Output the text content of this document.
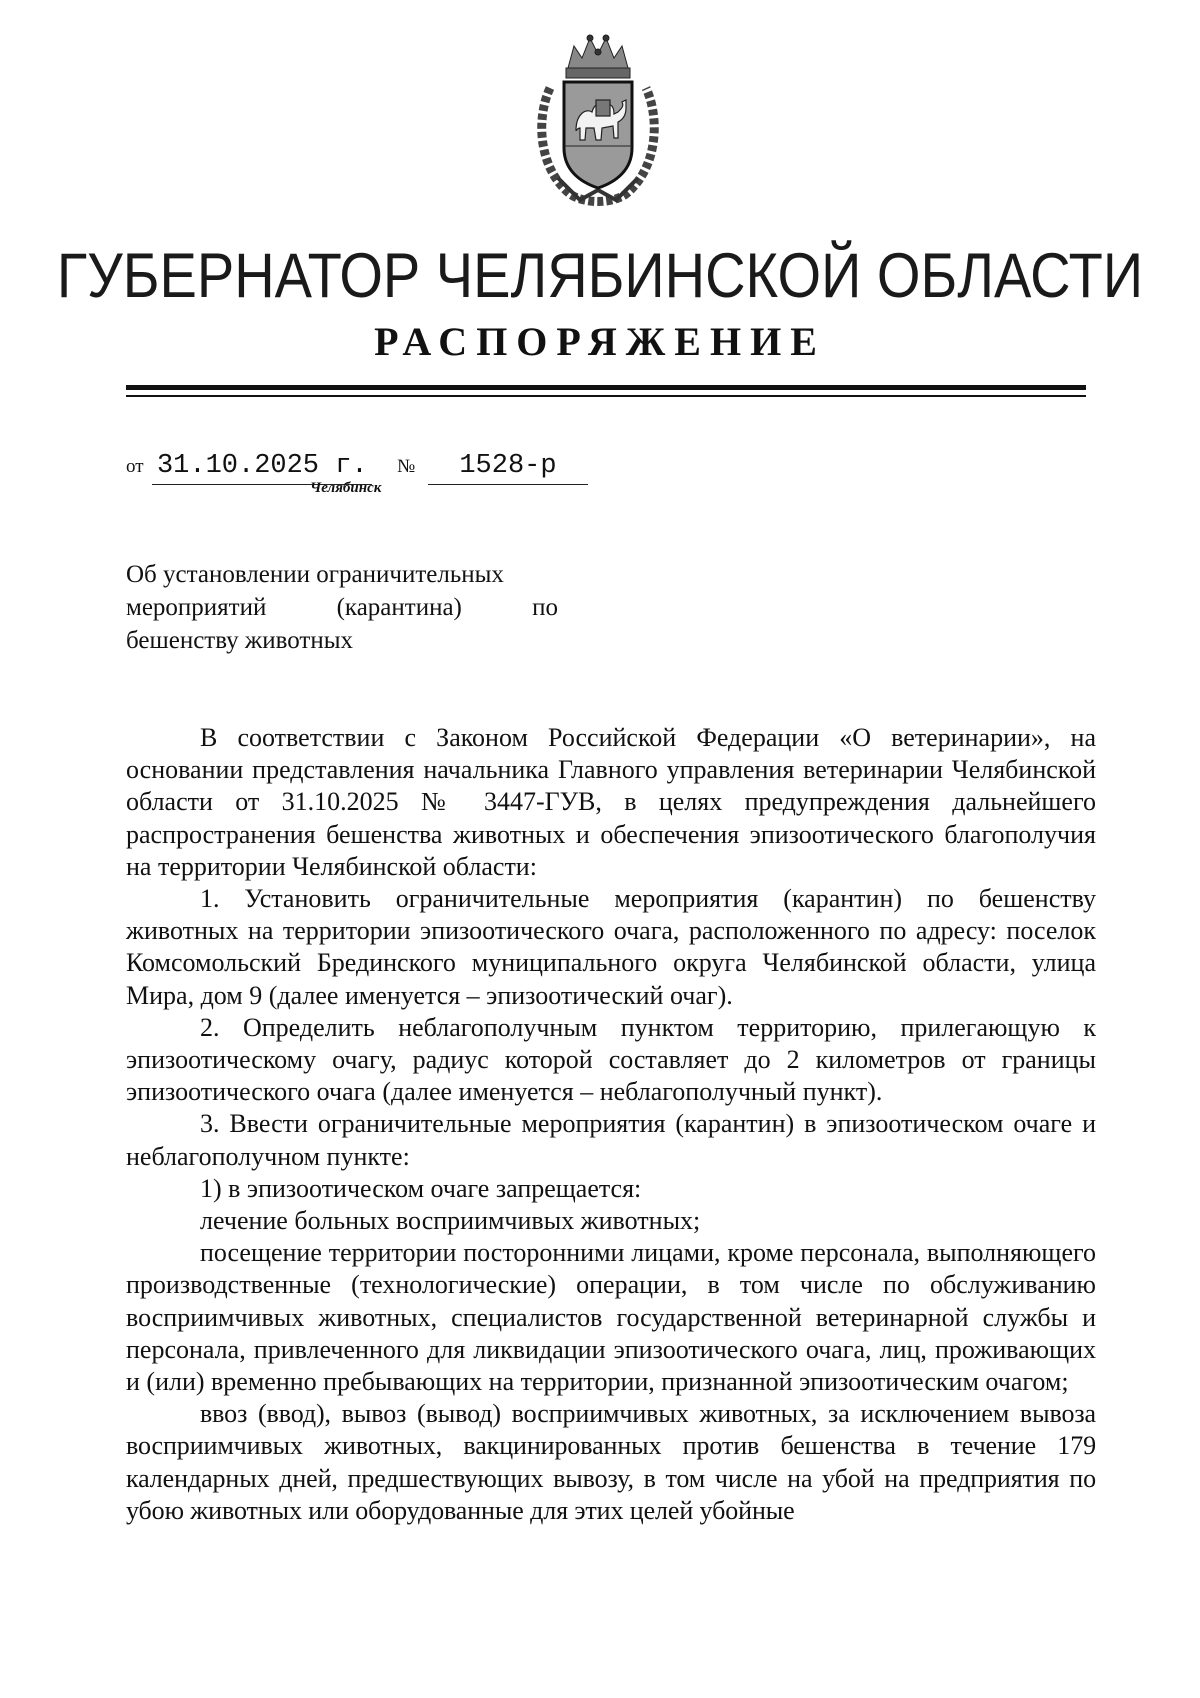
ГУБЕРНАТОР ЧЕЛЯБИНСКОЙ ОБЛАСТИ
РАСПОРЯЖЕНИЕ
от 31.10.2025 г. № 1528-р
Челябинск
Об установлении ограничительных
мероприятий (карантина) по
бешенству животных

В соответствии с Законом Российской Федерации «О ветеринарии», на основании представления начальника Главного управления ветеринарии Челябинской области от 31.10.2025 № 3447-ГУВ, в целях предупреждения дальнейшего распространения бешенства животных и обеспечения эпизоотического благополучия на территории Челябинской области:

1. Установить ограничительные мероприятия (карантин) по бешенству животных на территории эпизоотического очага, расположенного по адресу: поселок Комсомольский Брединского муниципального округа Челябинской области, улица Мира, дом 9 (далее именуется – эпизоотический очаг).

2. Определить неблагополучным пунктом территорию, прилегающую к эпизоотическому очагу, радиус которой составляет до 2 километров от границы эпизоотического очага (далее именуется – неблагополучный пункт).

3. Ввести ограничительные мероприятия (карантин) в эпизоотическом очаге и неблагополучном пункте:

1) в эпизоотическом очаге запрещается:

лечение больных восприимчивых животных;

посещение территории посторонними лицами, кроме персонала, выполняющего производственные (технологические) операции, в том числе по обслуживанию восприимчивых животных, специалистов государственной ветеринарной службы и персонала, привлеченного для ликвидации эпизоотического очага, лиц, проживающих и (или) временно пребывающих на территории, признанной эпизоотическим очагом;

ввоз (ввод), вывоз (вывод) восприимчивых животных, за исключением вывоза восприимчивых животных, вакцинированных против бешенства в течение 179 календарных дней, предшествующих вывозу, в том числе на убой на предприятия по убою животных или оборудованные для этих целей убойные
